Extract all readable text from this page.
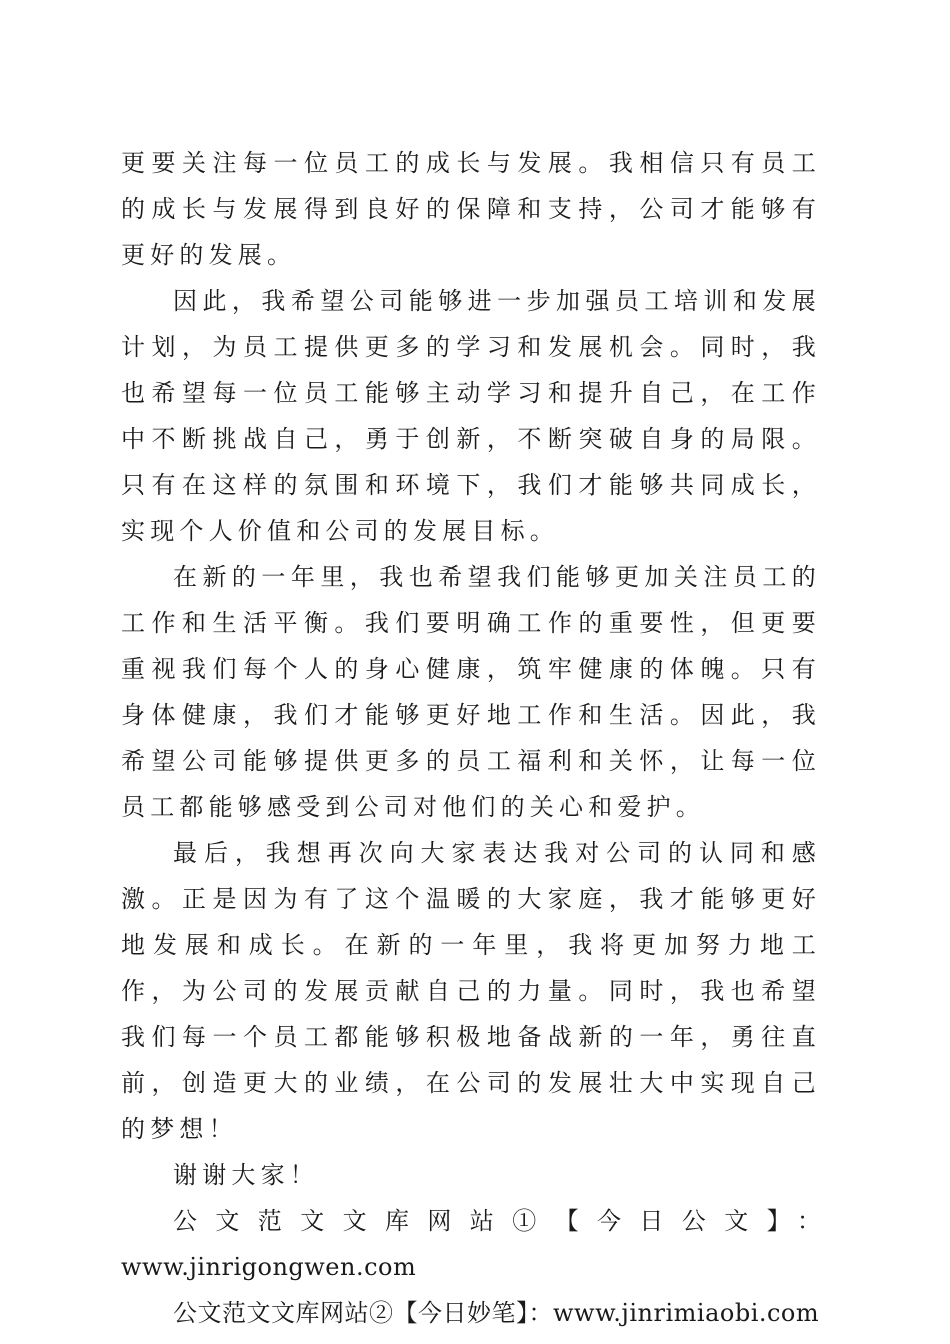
更要关注每一位员工的成长与发展。我相信只有员工的成长与发展得到良好的保障和支持，公司才能够有更好的发展。

因此，我希望公司能够进一步加强员工培训和发展计划，为员工提供更多的学习和发展机会。同时，我也希望每一位员工能够主动学习和提升自己，在工作中不断挑战自己，勇于创新，不断突破自身的局限。只有在这样的氛围和环境下，我们才能够共同成长，实现个人价值和公司的发展目标。

在新的一年里，我也希望我们能够更加关注员工的工作和生活平衡。我们要明确工作的重要性，但更要重视我们每个人的身心健康，筑牢健康的体魄。只有身体健康，我们才能够更好地工作和生活。因此，我希望公司能够提供更多的员工福利和关怀，让每一位员工都能够感受到公司对他们的关心和爱护。

最后，我想再次向大家表达我对公司的认同和感激。正是因为有了这个温暖的大家庭，我才能够更好地发展和成长。在新的一年里，我将更加努力地工作，为公司的发展贡献自己的力量。同时，我也希望我们每一个员工都能够积极地备战新的一年，勇往直前，创造更大的业绩，在公司的发展壮大中实现自己的梦想！

谢谢大家！

公文范文文库网站①【今日公文】：

www.jinrigongwen.com

公文范文文库网站②【今日妙笔】：www.jinrimiaobi.com
